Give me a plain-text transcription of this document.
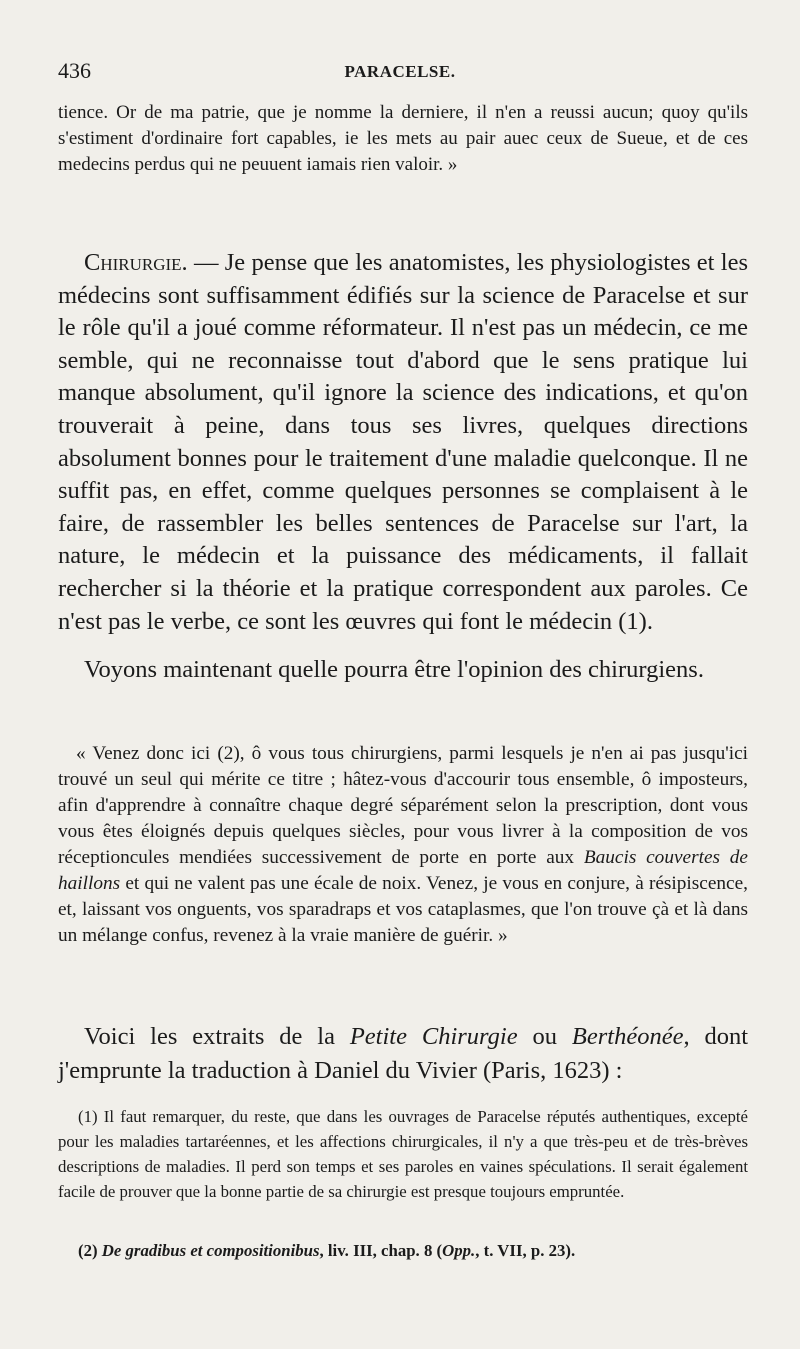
436	PARACELSE.

tience. Or de ma patrie, que je nomme la derniere, il n'en a reussi aucun; quoy qu'ils s'estiment d'ordinaire fort capables, ie les mets au pair auec ceux de Sueue, et de ces medecins perdus qui ne peuuent iamais rien valoir. »

Chirurgie. — Je pense que les anatomistes, les physiologistes et les médecins sont suffisamment édifiés sur la science de Paracelse et sur le rôle qu'il a joué comme réformateur. Il n'est pas un médecin, ce me semble, qui ne reconnaisse tout d'abord que le sens pratique lui manque absolument, qu'il ignore la science des indications, et qu'on trouverait à peine, dans tous ses livres, quelques directions absolument bonnes pour le traitement d'une maladie quelconque. Il ne suffit pas, en effet, comme quelques personnes se complaisent à le faire, de rassembler les belles sentences de Paracelse sur l'art, la nature, le médecin et la puissance des médicaments, il fallait rechercher si la théorie et la pratique correspondent aux paroles. Ce n'est pas le verbe, ce sont les œuvres qui font le médecin (1).

Voyons maintenant quelle pourra être l'opinion des chirurgiens.

« Venez donc ici (2), ô vous tous chirurgiens, parmi lesquels je n'en ai pas jusqu'ici trouvé un seul qui mérite ce titre ; hâtez-vous d'accourir tous ensemble, ô imposteurs, afin d'apprendre à connaître chaque degré séparément selon la prescription, dont vous vous êtes éloignés depuis quelques siècles, pour vous livrer à la composition de vos réceptioncules mendiées successivement de porte en porte aux Baucis couvertes de haillons et qui ne valent pas une écale de noix. Venez, je vous en conjure, à résipiscence, et, laissant vos onguents, vos sparadraps et vos cataplasmes, que l'on trouve çà et là dans un mélange confus, revenez à la vraie manière de guérir. »

Voici les extraits de la Petite Chirurgie ou Berthéonée, dont j'emprunte la traduction à Daniel du Vivier (Paris, 1623) :

(1) Il faut remarquer, du reste, que dans les ouvrages de Paracelse réputés authentiques, excepté pour les maladies tartaréennes, et les affections chirurgicales, il n'y a que très-peu et de très-brèves descriptions de maladies. Il perd son temps et ses paroles en vaines spéculations. Il serait également facile de prouver que la bonne partie de sa chirurgie est presque toujours empruntée.

(2) De gradibus et compositionibus, liv. III, chap. 8 (Opp., t. VII, p. 23).
